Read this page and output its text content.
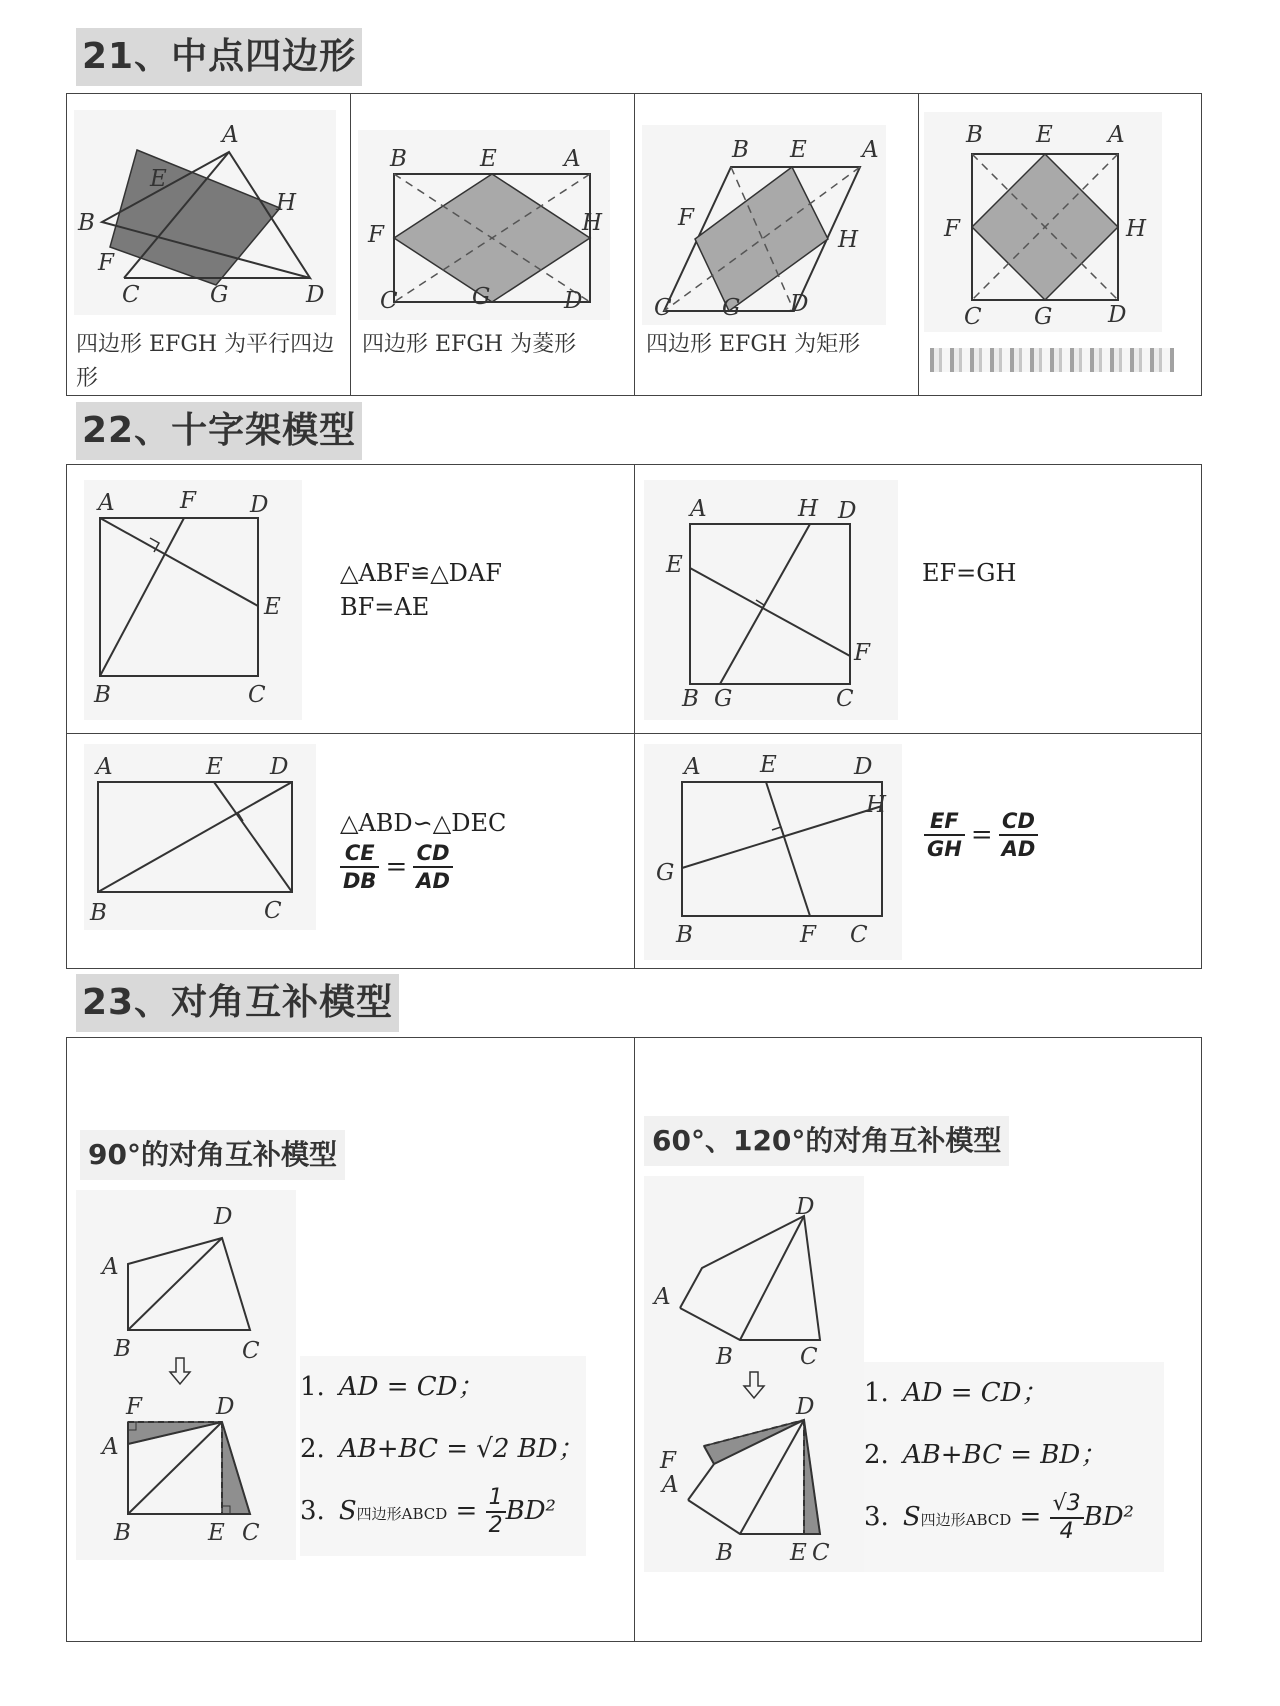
21、中点四边形
A
B
C	D
E
F
G
H
四边形 EFGH 为平行四边形
B	E	A
F	H
C	G	D
四边形 EFGH 为菱形
B E A
F
H
C G D
四边形 EFGH 为矩形
B E A
F	H
C G D
22、十字架模型
A	F D
E
B	C
△ABF≌△DAF
BF=AE
A	H D
E
F
B G	C
EF=GH
A	E D
B	C
△ABD∽△DEC
$\frac{CE}{DB} = \frac{CD}{AD}$
A	E	D
H
G
B	F C
$\frac{EF}{GH} = \frac{CD}{AD}$
23、对角互补模型
90°的对角互补模型
D
A
B	C
F	D
A
B	E C
1. AD = CD；
2. AB+BC = √2 BD；
3. S四边形ABCD = $\frac{1}{2} BD^2$
60°、120°的对角互补模型
D
A
B	C
D
F
A
B E C
1. AD = CD；
2. AB+BC = BD；
3. S四边形ABCD = $\frac{√3}{4} BD^2$
